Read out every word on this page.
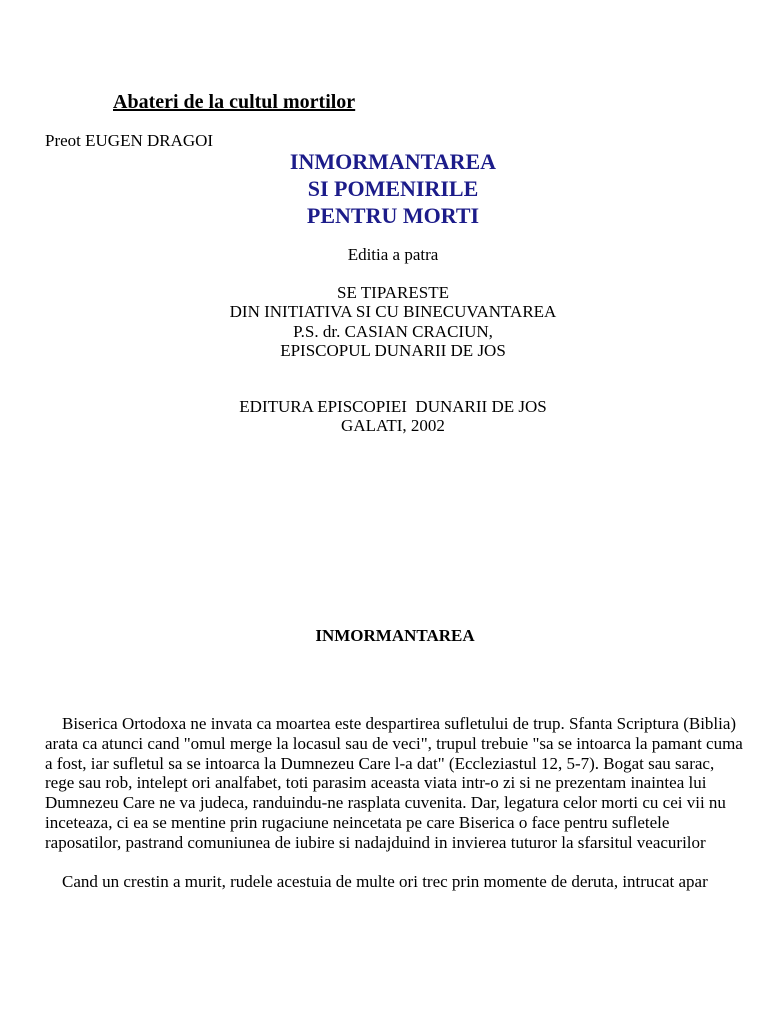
Abateri de la cultul mortilor
Preot EUGEN DRAGOI
INMORMANTAREA
SI POMENIRILE
PENTRU MORTI
Editia a patra
SE TIPARESTE
DIN INITIATIVA SI CU BINECUVANTAREA
P.S. dr. CASIAN CRACIUN,
EPISCOPUL DUNARII DE JOS
EDITURA EPISCOPIEI  DUNARII DE JOS
GALATI, 2002
INMORMANTAREA
Biserica Ortodoxa ne invata ca moartea este despartirea sufletului de trup. Sfanta Scriptura (Biblia)
arata ca atunci cand "omul merge la locasul sau de veci", trupul trebuie "sa se intoarca la pamant cuma
a fost, iar sufletul sa se intoarca la Dumnezeu Care l-a dat" (Eccleziastul 12, 5-7). Bogat sau sarac,
rege sau rob, intelept ori analfabet, toti parasim aceasta viata intr-o zi si ne prezentam inaintea lui
Dumnezeu Care ne va judeca, randuindu-ne rasplata cuvenita. Dar, legatura celor morti cu cei vii nu
inceteaza, ci ea se mentine prin rugaciune neincetata pe care Biserica o face pentru sufletele
raposatilor, pastrand comuniunea de iubire si nadajduind in invierea tuturor la sfarsitul veacurilor
Cand un crestin a murit, rudele acestuia de multe ori trec prin momente de deruta, intrucat apar
